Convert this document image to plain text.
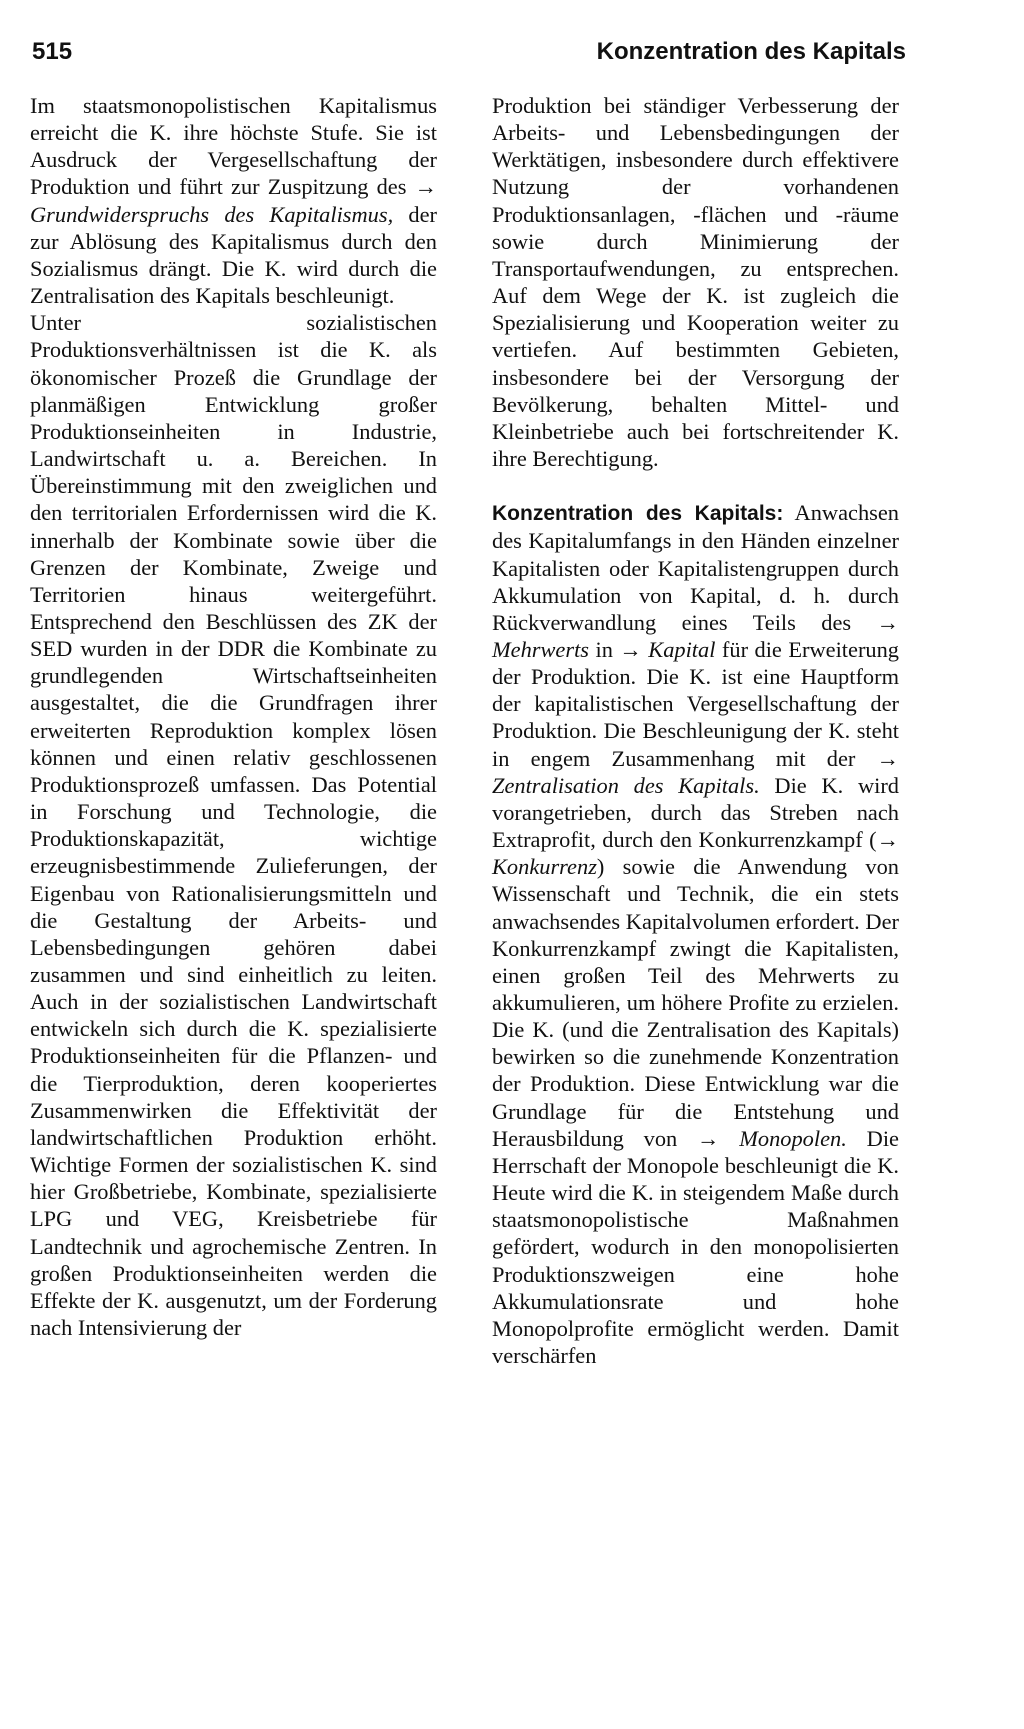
515	Konzentration des Kapitals

Im staatsmonopolistischen Kapitalismus erreicht die K. ihre höchste Stufe. Sie ist Ausdruck der Vergesellschaftung der Produktion und führt zur Zuspitzung des → Grundwiderspruchs des Kapitalismus, der zur Ablösung des Kapitalismus durch den Sozialismus drängt. Die K. wird durch die Zentralisation des Kapitals beschleunigt.

Unter sozialistischen Produktionsverhältnissen ist die K. als ökonomischer Prozeß die Grundlage der planmäßigen Entwicklung großer Produktionseinheiten in Industrie, Landwirtschaft u. a. Bereichen. In Übereinstimmung mit den zweiglichen und den territorialen Erfordernissen wird die K. innerhalb der Kombinate sowie über die Grenzen der Kombinate, Zweige und Territorien hinaus weitergeführt. Entsprechend den Beschlüssen des ZK der SED wurden in der DDR die Kombinate zu grundlegenden Wirtschaftseinheiten ausgestaltet, die die Grundfragen ihrer erweiterten Reproduktion komplex lösen können und einen relativ geschlossenen Produktionsprozeß umfassen. Das Potential in Forschung und Technologie, die Produktionskapazität, wichtige erzeugnisbestimmende Zulieferungen, der Eigenbau von Rationalisierungsmitteln und die Gestaltung der Arbeits- und Lebensbedingungen gehören dabei zusammen und sind einheitlich zu leiten. Auch in der sozialistischen Landwirtschaft entwickeln sich durch die K. spezialisierte Produktionseinheiten für die Pflanzen- und die Tierproduktion, deren kooperiertes Zusammenwirken die Effektivität der landwirtschaftlichen Produktion erhöht. Wichtige Formen der sozialistischen K. sind hier Großbetriebe, Kombinate, spezialisierte LPG und VEG, Kreisbetriebe für Landtechnik und agrochemische Zentren. In großen Produktionseinheiten werden die Effekte der K. ausgenutzt, um der Forderung nach Intensivierung der

Produktion bei ständiger Verbesserung der Arbeits- und Lebensbedingungen der Werktätigen, insbesondere durch effektivere Nutzung der vorhandenen Produktionsanlagen, -flächen und -räume sowie durch Minimierung der Transportaufwendungen, zu entsprechen. Auf dem Wege der K. ist zugleich die Spezialisierung und Kooperation weiter zu vertiefen. Auf bestimmten Gebieten, insbesondere bei der Versorgung der Bevölkerung, behalten Mittel- und Kleinbetriebe auch bei fortschreitender K. ihre Berechtigung.

Konzentration des Kapitals: Anwachsen des Kapitalumfangs in den Händen einzelner Kapitalisten oder Kapitalistengruppen durch Akkumulation von Kapital, d. h. durch Rückverwandlung eines Teils des → Mehrwerts in → Kapital für die Erweiterung der Produktion. Die K. ist eine Hauptform der kapitalistischen Vergesellschaftung der Produktion. Die Beschleunigung der K. steht in engem Zusammenhang mit der → Zentralisation des Kapitals. Die K. wird vorangetrieben, durch das Streben nach Extraprofit, durch den Konkurrenzkampf (→ Konkurrenz) sowie die Anwendung von Wissenschaft und Technik, die ein stets anwachsendes Kapitalvolumen erfordert. Der Konkurrenzkampf zwingt die Kapitalisten, einen großen Teil des Mehrwerts zu akkumulieren, um höhere Profite zu erzielen. Die K. (und die Zentralisation des Kapitals) bewirken so die zunehmende Konzentration der Produktion. Diese Entwicklung war die Grundlage für die Entstehung und Herausbildung von → Monopolen. Die Herrschaft der Monopole beschleunigt die K. Heute wird die K. in steigendem Maße durch staatsmonopolistische Maßnahmen gefördert, wodurch in den monopolisierten Produktionszweigen eine hohe Akkumulationsrate und hohe Monopolprofite ermöglicht werden. Damit verschärfen
